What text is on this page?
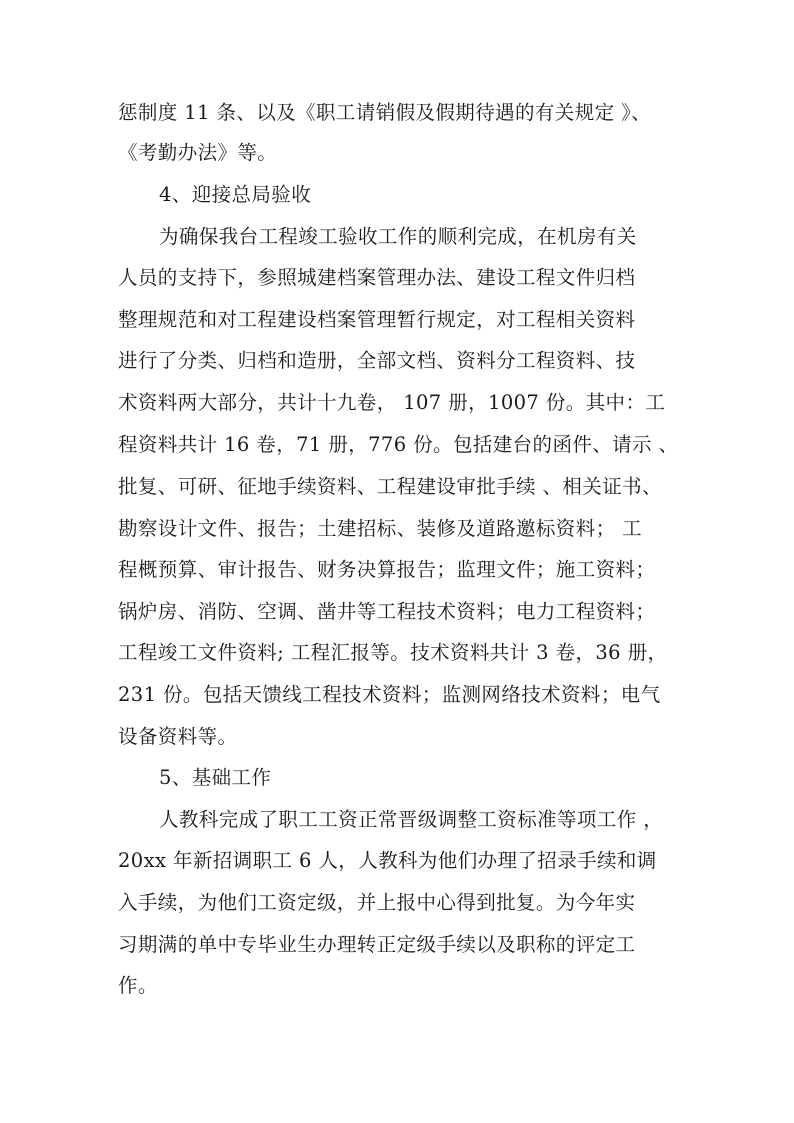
惩制度 11 条、以及《职工请销假及假期待遇的有关规定 》、

《考勤办法》等。

4、迎接总局验收

为确保我台工程竣工验收工作的顺利完成，在机房有关

人员的支持下，参照城建档案管理办法、建设工程文件归档

整理规范和对工程建设档案管理暂行规定，对工程相关资料

进行了分类、归档和造册，全部文档、资料分工程资料、技

术资料两大部分，共计十九卷， 107 册，1007 份。其中：工

程资料共计 16 卷，71 册，776 份。包括建台的函件、请示 、

批复、可研、征地手续资料、工程建设审批手续 、相关证书、

勘察设计文件、报告；土建招标、装修及道路邀标资料； 工

程概预算、审计报告、财务决算报告；监理文件；施工资料；

锅炉房、消防、空调、凿井等工程技术资料；电力工程资料；

工程竣工文件资料; 工程汇报等。技术资料共计 3 卷，36 册，

231 份。包括天馈线工程技术资料；监测网络技术资料；电气

设备资料等。

5、基础工作

人教科完成了职工工资正常晋级调整工资标准等项工作 ，

20xx 年新招调职工 6 人，人教科为他们办理了招录手续和调

入手续，为他们工资定级，并上报中心得到批复。为今年实

习期满的单中专毕业生办理转正定级手续以及职称的评定工

作。
